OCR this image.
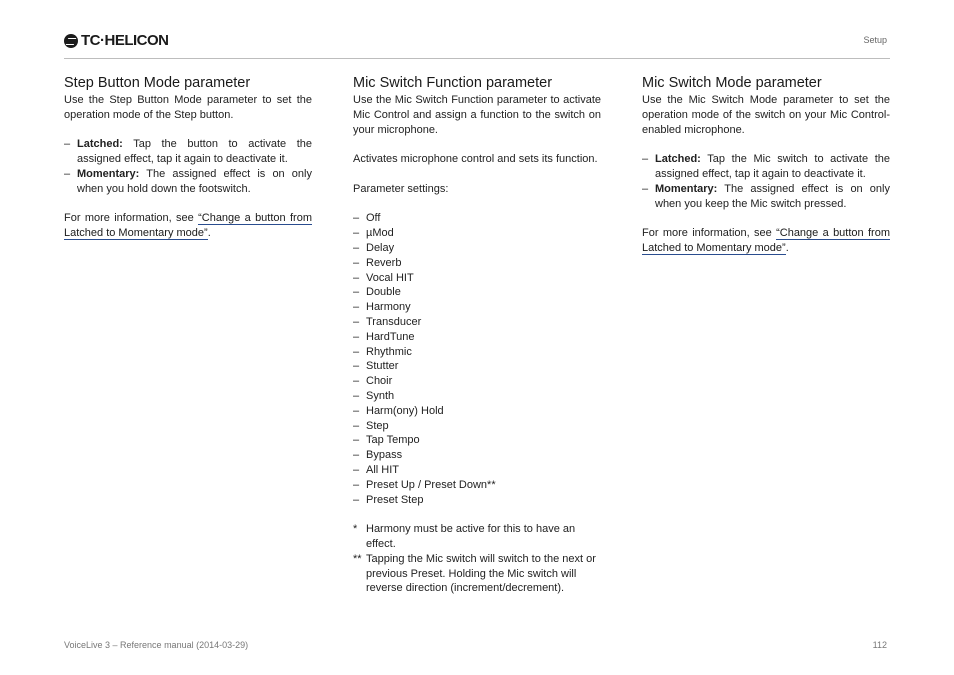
TC·HELICON	Setup
Step Button Mode parameter

Use the Step Button Mode parameter to set the operation mode of the Step button.

– Latched: Tap the button to activate the assigned effect, tap it again to deactivate it.
– Momentary: The assigned effect is on only when you hold down the footswitch.

For more information, see “Change a button from Latched to Momentary mode”.

Mic Switch Function parameter

Use the Mic Switch Function parameter to activate Mic Control and assign a function to the switch on your microphone.

Activates microphone control and sets its function.

Parameter settings:

– Off
– µMod
– Delay
– Reverb
– Vocal HIT
– Double
– Harmony
– Transducer
– HardTune
– Rhythmic
– Stutter
– Choir
– Synth
– Harm(ony) Hold
– Step
– Tap Tempo
– Bypass
– All HIT
– Preset Up / Preset Down**
– Preset Step
* Harmony must be active for this to have an effect.
** Tapping the Mic switch will switch to the next or previous Preset. Holding the Mic switch will reverse direction (increment/decrement).
Mic Switch Mode parameter

Use the Mic Switch Mode parameter to set the operation mode of the switch on your Mic Control-enabled microphone.

– Latched: Tap the Mic switch to activate the assigned effect, tap it again to deactivate it.
– Momentary: The assigned effect is on only when you keep the Mic switch pressed.

For more information, see “Change a button from Latched to Momentary mode”.

VoiceLive 3 – Reference manual (2014-03-29)	112
